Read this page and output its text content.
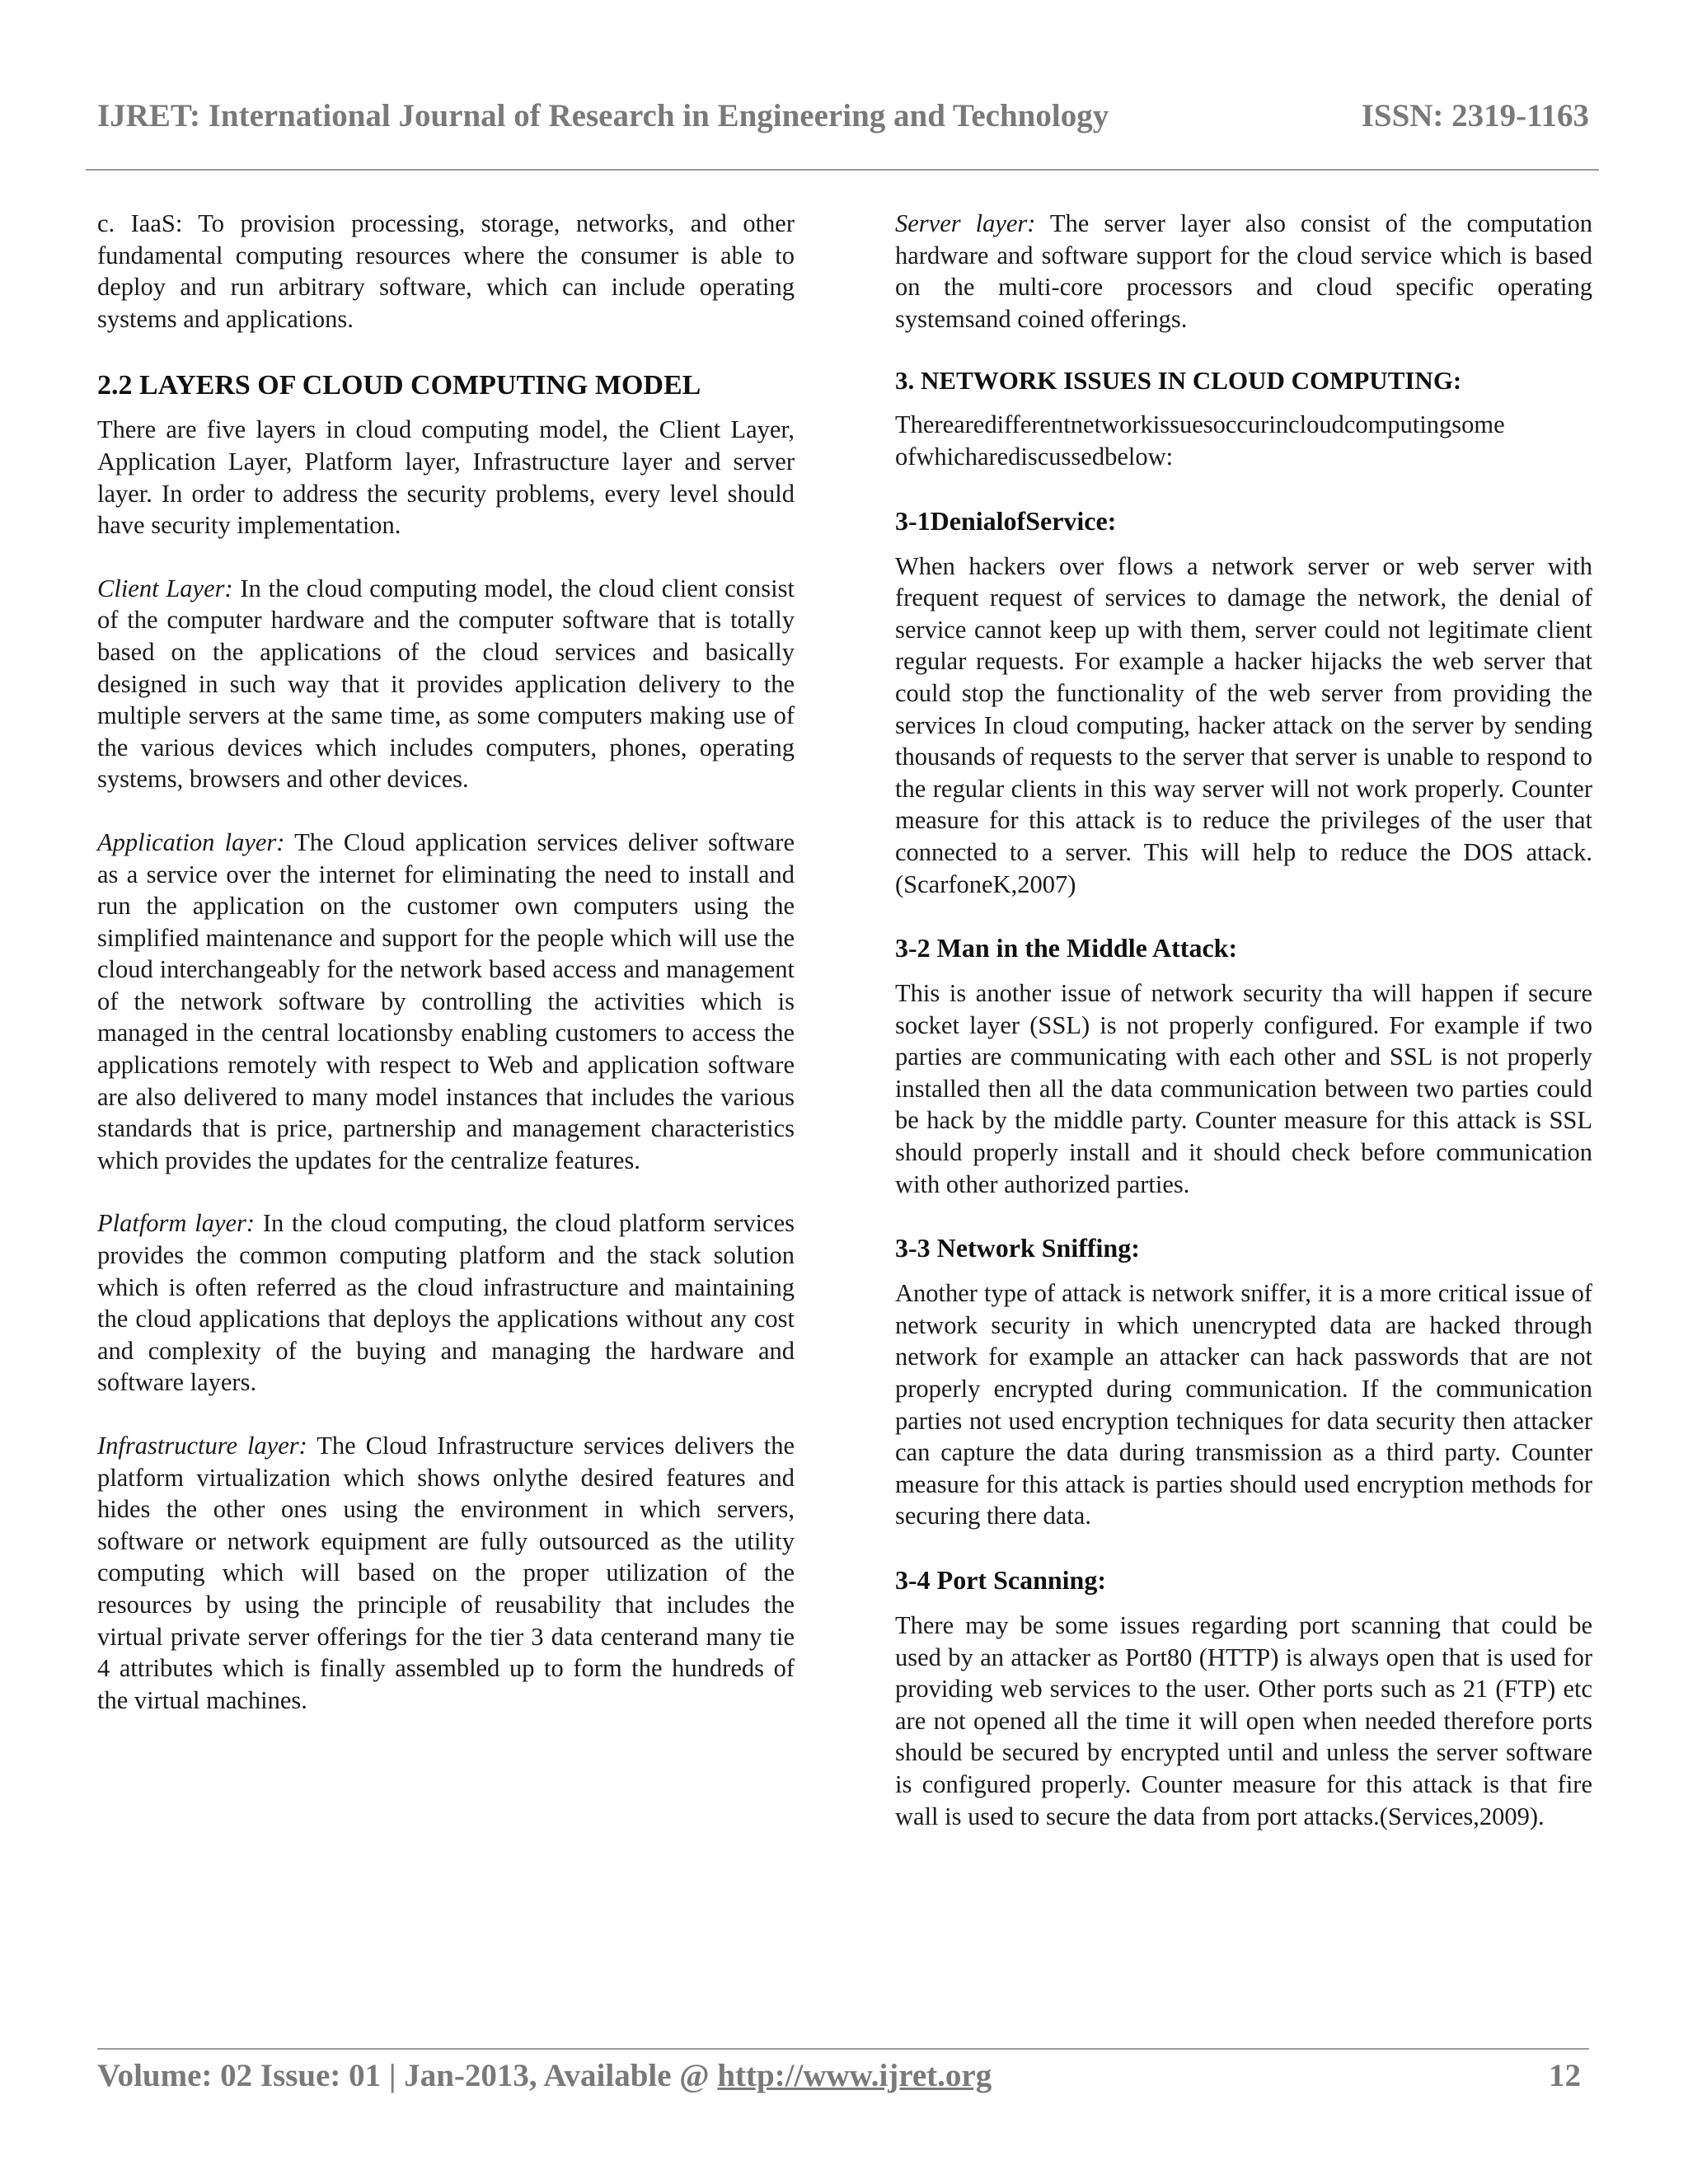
IJRET: International Journal of Research in Engineering and Technology	ISSN: 2319-1163

c. IaaS: To provision processing, storage, networks, and other fundamental computing resources where the consumer is able to deploy and run arbitrary software, which can include operating systems and applications.

2.2 LAYERS OF CLOUD COMPUTING MODEL

There are five layers in cloud computing model, the Client Layer, Application Layer, Platform layer, Infrastructure layer and server layer. In order to address the security problems, every level should have security implementation.

Client Layer: In the cloud computing model, the cloud client consist of the computer hardware and the computer software that is totally based on the applications of the cloud services and basically designed in such way that it provides application delivery to the multiple servers at the same time, as some computers making use of the various devices which includes computers, phones, operating systems, browsers and other devices.

Application layer: The Cloud application services deliver software as a service over the internet for eliminating the need to install and run the application on the customer own computers using the simplified maintenance and support for the people which will use the cloud interchangeably for the network based access and management of the network software by controlling the activities which is managed in the central locationsby enabling customers to access the applications remotely with respect to Web and application software are also delivered to many model instances that includes the various standards that is price, partnership and management characteristics which provides the updates for the centralize features.

Platform layer: In the cloud computing, the cloud platform services provides the common computing platform and the stack solution which is often referred as the cloud infrastructure and maintaining the cloud applications that deploys the applications without any cost and complexity of the buying and managing the hardware and software layers.

Infrastructure layer: The Cloud Infrastructure services delivers the platform virtualization which shows onlythe desired features and hides the other ones using the environment in which servers, software or network equipment are fully outsourced as the utility computing which will based on the proper utilization of the resources by using the principle of reusability that includes the virtual private server offerings for the tier 3 data centerand many tie 4 attributes which is finally assembled up to form the hundreds of the virtual machines.

Server layer: The server layer also consist of the computation hardware and software support for the cloud service which is based on the multi-core processors and cloud specific operating systemsand coined offerings.

3. NETWORK ISSUES IN CLOUD COMPUTING:

Therearedifferentnetworkissuesoccurincloudcomputingsome

ofwhicharediscussedbelow:

3-1DenialofService:

When hackers over flows a network server or web server with frequent request of services to damage the network, the denial of service cannot keep up with them, server could not legitimate client regular requests. For example a hacker hijacks the web server that could stop the functionality of the web server from providing the services In cloud computing, hacker attack on the server by sending thousands of requests to the server that server is unable to respond to the regular clients in this way server will not work properly. Counter measure for this attack is to reduce the privileges of the user that connected to a server. This will help to reduce the DOS attack. (ScarfoneK,2007)

3-2 Man in the Middle Attack:

This is another issue of network security tha will happen if secure socket layer (SSL) is not properly configured. For example if two parties are communicating with each other and SSL is not properly installed then all the data communication between two parties could be hack by the middle party. Counter measure for this attack is SSL should properly install and it should check before communication with other authorized parties.

3-3 Network Sniffing:

Another type of attack is network sniffer, it is a more critical issue of network security in which unencrypted data are hacked through network for example an attacker can hack passwords that are not properly encrypted during communication. If the communication parties not used encryption techniques for data security then attacker can capture the data during transmission as a third party. Counter measure for this attack is parties should used encryption methods for securing there data.

3-4 Port Scanning:

There may be some issues regarding port scanning that could be used by an attacker as Port80 (HTTP) is always open that is used for providing web services to the user. Other ports such as 21 (FTP) etc are not opened all the time it will open when needed therefore ports should be secured by encrypted until and unless the server software is configured properly. Counter measure for this attack is that fire wall is used to secure the data from port attacks.(Services,2009).

Volume: 02 Issue: 01 | Jan-2013, Available @ http://www.ijret.org	12
